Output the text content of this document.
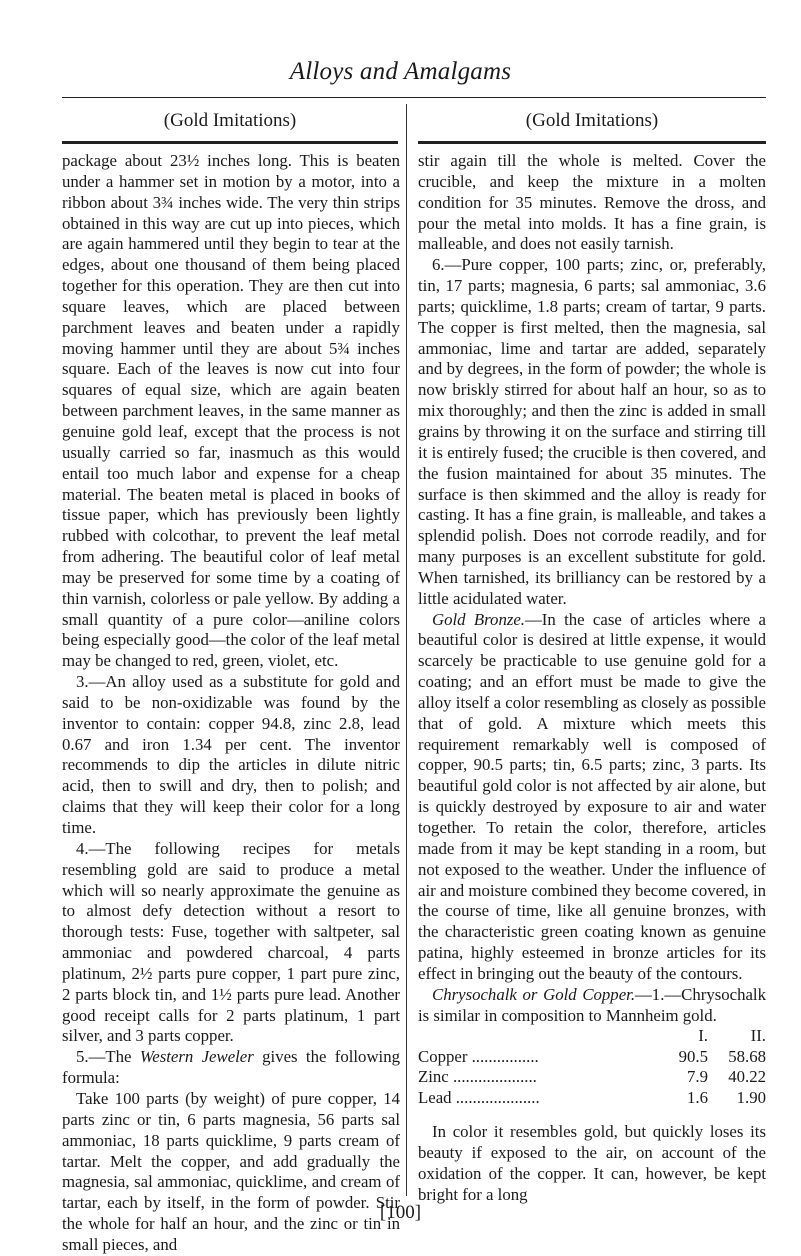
Alloys and Amalgams
(Gold Imitations)	(Gold Imitations)

package about 23½ inches long. This is beaten under a hammer set in motion by a motor, into a ribbon about 3¾ inches wide. The very thin strips obtained in this way are cut up into pieces, which are again hammered until they begin to tear at the edges, about one thousand of them being placed together for this operation. They are then cut into square leaves, which are placed between parchment leaves and beaten under a rapidly moving hammer until they are about 5¾ inches square. Each of the leaves is now cut into four squares of equal size, which are again beaten between parchment leaves, in the same manner as genuine gold leaf, except that the process is not usually carried so far, inasmuch as this would entail too much labor and expense for a cheap material. The beaten metal is placed in books of tissue paper, which has previously been lightly rubbed with colcothar, to prevent the leaf metal from adhering. The beautiful color of leaf metal may be preserved for some time by a coating of thin varnish, colorless or pale yellow. By adding a small quantity of a pure color—aniline colors being especially good—the color of the leaf metal may be changed to red, green, violet, etc.

3.—An alloy used as a substitute for gold and said to be non-oxidizable was found by the inventor to contain: copper 94.8, zinc 2.8, lead 0.67 and iron 1.34 per cent. The inventor recommends to dip the articles in dilute nitric acid, then to swill and dry, then to polish; and claims that they will keep their color for a long time.

4.—The following recipes for metals resembling gold are said to produce a metal which will so nearly approximate the genuine as to almost defy detection without a resort to thorough tests: Fuse, together with saltpeter, sal ammoniac and powdered charcoal, 4 parts platinum, 2½ parts pure copper, 1 part pure zinc, 2 parts block tin, and 1½ parts pure lead. Another good receipt calls for 2 parts platinum, 1 part silver, and 3 parts copper.

5.—The Western Jeweler gives the following formula:

Take 100 parts (by weight) of pure copper, 14 parts zinc or tin, 6 parts magnesia, 56 parts sal ammoniac, 18 parts quicklime, 9 parts cream of tartar. Melt the copper, and add gradually the magnesia, sal ammoniac, quicklime, and cream of tartar, each by itself, in the form of powder. Stir the whole for half an hour, and the zinc or tin in small pieces, and

stir again till the whole is melted. Cover the crucible, and keep the mixture in a molten condition for 35 minutes. Remove the dross, and pour the metal into molds. It has a fine grain, is malleable, and does not easily tarnish.

6.—Pure copper, 100 parts; zinc, or, preferably, tin, 17 parts; magnesia, 6 parts; sal ammoniac, 3.6 parts; quicklime, 1.8 parts; cream of tartar, 9 parts. The copper is first melted, then the magnesia, sal ammoniac, lime and tartar are added, separately and by degrees, in the form of powder; the whole is now briskly stirred for about half an hour, so as to mix thoroughly; and then the zinc is added in small grains by throwing it on the surface and stirring till it is entirely fused; the crucible is then covered, and the fusion maintained for about 35 minutes. The surface is then skimmed and the alloy is ready for casting. It has a fine grain, is malleable, and takes a splendid polish. Does not corrode readily, and for many purposes is an excellent substitute for gold. When tarnished, its brilliancy can be restored by a little acidulated water.

Gold Bronze.—In the case of articles where a beautiful color is desired at little expense, it would scarcely be practicable to use genuine gold for a coating; and an effort must be made to give the alloy itself a color resembling as closely as possible that of gold. A mixture which meets this requirement remarkably well is composed of copper, 90.5 parts; tin, 6.5 parts; zinc, 3 parts. Its beautiful gold color is not affected by air alone, but is quickly destroyed by exposure to air and water together. To retain the color, therefore, articles made from it may be kept standing in a room, but not exposed to the weather. Under the influence of air and moisture combined they become covered, in the course of time, like all genuine bronzes, with the characteristic green coating known as genuine patina, highly esteemed in bronze articles for its effect in bringing out the beauty of the contours.

Chrysochalk or Gold Copper.—1.—Chrysochalk is similar in composition to Mannheim gold.

	I.	II.
Copper ................	90.5	58.68
Zinc ....................	7.9	40.22
Lead ....................	1.6	1.90

In color it resembles gold, but quickly loses its beauty if exposed to the air, on account of the oxidation of the copper. It can, however, be kept bright for a long

[100]
